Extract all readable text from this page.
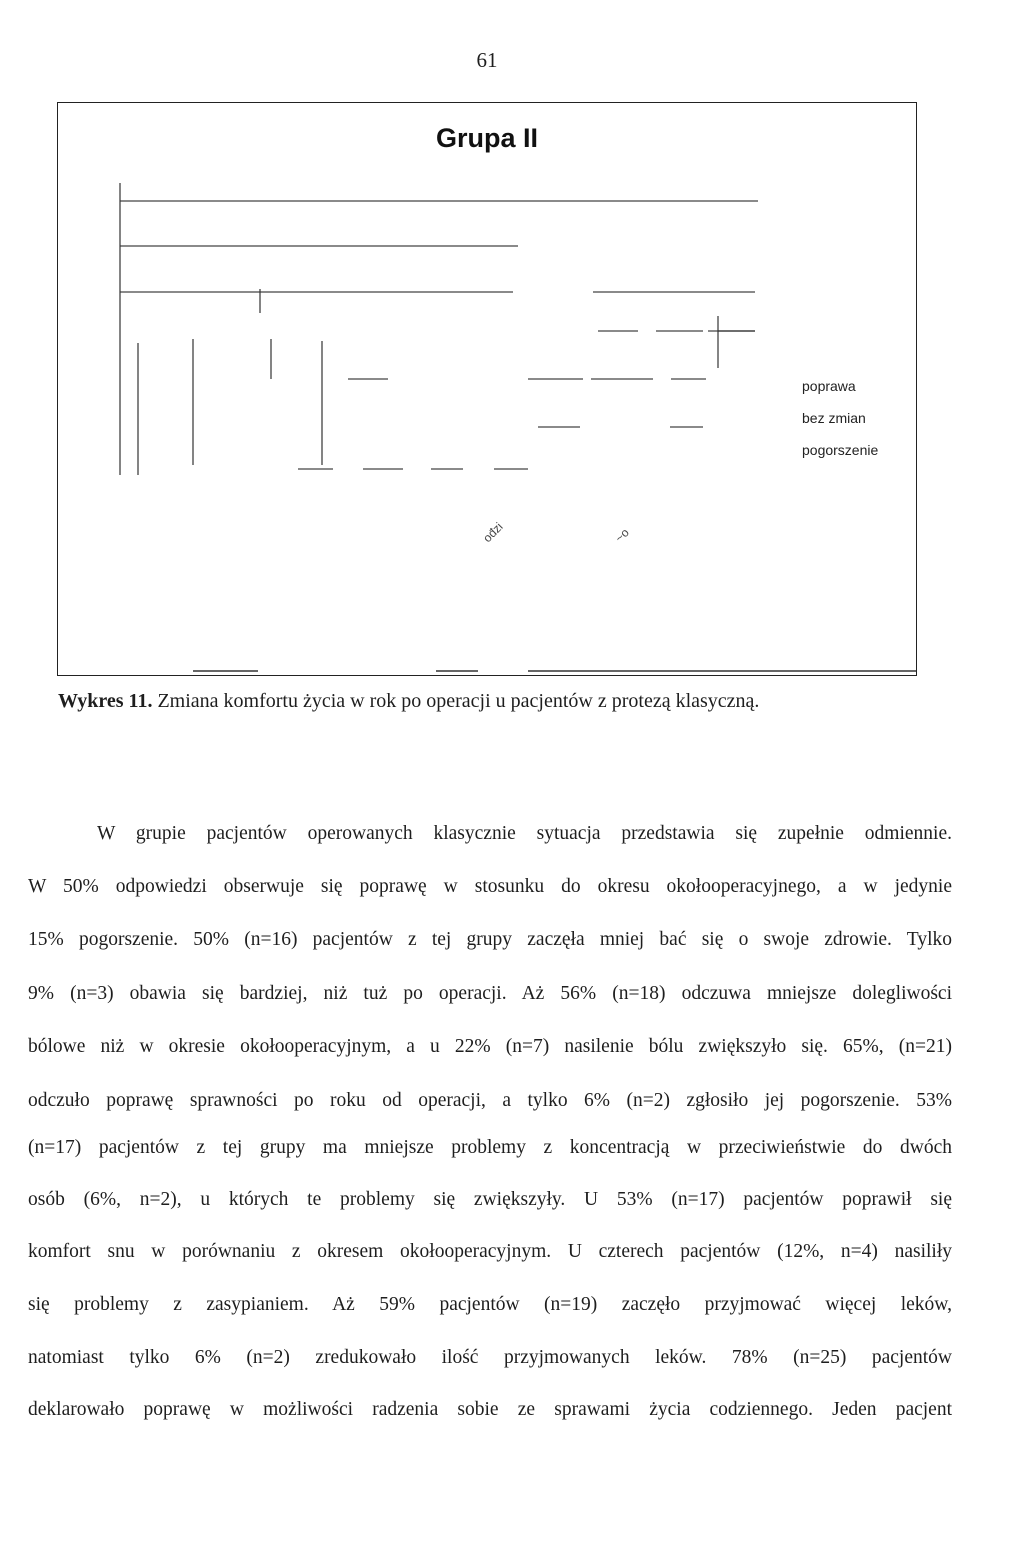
61
Grupa II
ođzi	~o
poprawa
bez zmian
pogorszenie
Wykres 11. Zmiana komfortu życia w rok po operacji u pacjentów z protezą klasyczną.
W grupie pacjentów operowanych klasycznie sytuacja przedstawia się zupełnie odmiennie.
W 50% odpowiedzi obserwuje się poprawę w stosunku do okresu okołooperacyjnego, a w jedynie
15% pogorszenie. 50% (n=16) pacjentów z tej grupy zaczęła mniej bać się o swoje zdrowie. Tylko
9% (n=3) obawia się bardziej, niż tuż po operacji. Aż 56% (n=18) odczuwa mniejsze dolegliwości
bólowe niż w okresie okołooperacyjnym, a u 22% (n=7) nasilenie bólu zwiększyło się. 65%, (n=21)
odczuło poprawę sprawności po roku od operacji, a tylko 6% (n=2) zgłosiło jej pogorszenie. 53%
(n=17) pacjentów z tej grupy ma mniejsze problemy z koncentracją w przeciwieństwie do dwóch
osób (6%, n=2), u których te problemy się zwiększyły. U 53% (n=17) pacjentów poprawił się
komfort snu w porównaniu z okresem okołooperacyjnym. U czterech pacjentów (12%, n=4) nasiliły
się problemy z zasypianiem. Aż 59% pacjentów (n=19) zaczęło przyjmować więcej leków,
natomiast tylko 6% (n=2) zredukowało ilość przyjmowanych leków. 78% (n=25) pacjentów
deklarowało poprawę w możliwości radzenia sobie ze sprawami życia codziennego. Jeden pacjent
